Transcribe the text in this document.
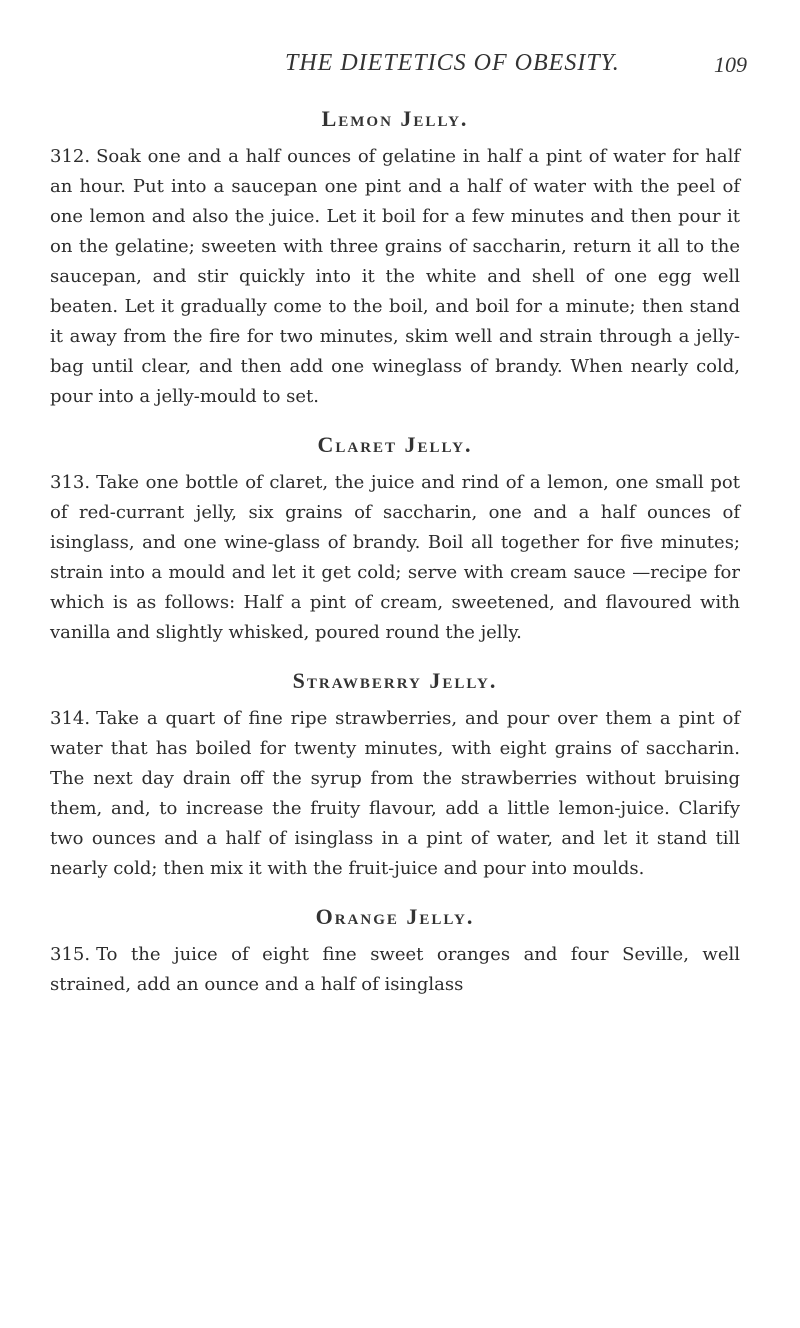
THE DIETETICS OF OBESITY.	109
Lemon Jelly.

312. Soak one and a half ounces of gelatine in half a pint of water for half an hour. Put into a saucepan one pint and a half of water with the peel of one lemon and also the juice. Let it boil for a few minutes and then pour it on the gelatine; sweeten with three grains of saccharin, return it all to the saucepan, and stir quickly into it the white and shell of one egg well beaten. Let it gradually come to the boil, and boil for a minute; then stand it away from the fire for two minutes, skim well and strain through a jelly-bag until clear, and then add one wineglass of brandy. When nearly cold, pour into a jelly-mould to set.

Claret Jelly.

313. Take one bottle of claret, the juice and rind of a lemon, one small pot of red-currant jelly, six grains of saccharin, one and a half ounces of isinglass, and one wine-glass of brandy. Boil all together for five minutes; strain into a mould and let it get cold; serve with cream sauce —recipe for which is as follows: Half a pint of cream, sweetened, and flavoured with vanilla and slightly whisked, poured round the jelly.

Strawberry Jelly.

314. Take a quart of fine ripe strawberries, and pour over them a pint of water that has boiled for twenty minutes, with eight grains of saccharin. The next day drain off the syrup from the strawberries without bruising them, and, to increase the fruity flavour, add a little lemon-juice. Clarify two ounces and a half of isinglass in a pint of water, and let it stand till nearly cold; then mix it with the fruit-juice and pour into moulds.

Orange Jelly.

315. To the juice of eight fine sweet oranges and four Seville, well strained, add an ounce and a half of isinglass
